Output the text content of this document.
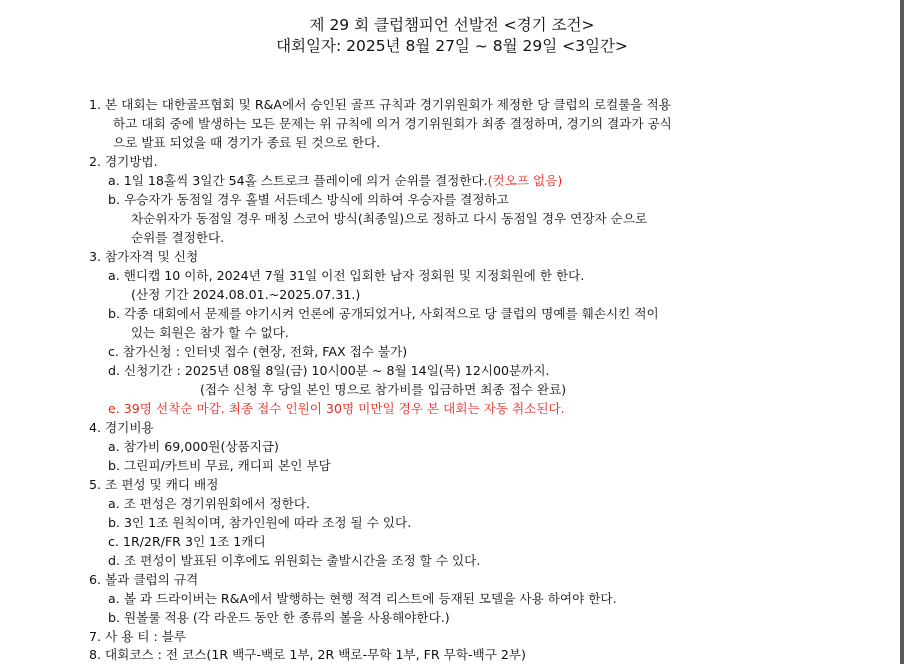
제 29 회 클럽챔피언 선발전 <경기 조건>
대회일자: 2025년 8월 27일 ~ 8월 29일 <3일간>
1. 본 대회는 대한골프협회 및 R&A에서 승인된 골프 규칙과 경기위원회가 제정한 당 클럽의 로컬룰을 적용
하고 대회 중에 발생하는 모든 문제는 위 규칙에 의거 경기위원회가 최종 결정하며, 경기의 결과가 공식
으로 발표 되었을 때 경기가 종료 된 것으로 한다.
2. 경기방법.
a. 1일 18홀씩 3일간 54홀 스트로크 플레이에 의거 순위를 결정한다.(컷오프 없음)
b. 우승자가 동점일 경우 홀별 서든데스 방식에 의하여 우승자를 결정하고
차순위자가 동점일 경우 매칭 스코어 방식(최종일)으로 정하고 다시 동점일 경우 연장자 순으로
순위를 결정한다.
3. 참가자격 및 신청
a. 핸디캡 10 이하, 2024년 7월 31일 이전 입회한 남자 정회원 및 지정회원에 한 한다.
(산정 기간 2024.08.01.~2025.07.31.)
b. 각종 대회에서 문제를 야기시켜 언론에 공개되었거나, 사회적으로 당 클럽의 명예를 훼손시킨 적이
있는 회원은 참가 할 수 없다.
c. 참가신청 : 인터넷 접수 (현장, 전화, FAX 접수 불가)
d. 신청기간 : 2025년 08월 8일(금) 10시00분 ~ 8월 14일(목) 12시00분까지.
(접수 신청 후 당일 본인 명으로 참가비를 입금하면 최종 접수 완료)
e. 39명 선착순 마감. 최종 접수 인원이 30명 미만일 경우 본 대회는 자동 취소된다.
4. 경기비용
a. 참가비 69,000원(상품지급)
b. 그린피/카트비 무료, 캐디피 본인 부담
5. 조 편성 및 캐디 배정
a. 조 편성은 경기위원회에서 정한다.
b. 3인 1조 원칙이며, 참가인원에 따라 조정 될 수 있다.
c. 1R/2R/FR 3인 1조 1캐디
d. 조 편성이 발표된 이후에도 위원회는 출발시간을 조정 할 수 있다.
6. 볼과 클럽의 규격
a. 볼 과 드라이버는 R&A에서 발행하는 현행 적격 리스트에 등재된 모델을 사용 하여야 한다.
b. 원볼룰 적용 (각 라운드 동안 한 종류의 볼을 사용해야한다.)
7. 사 용 티 : 블루
8. 대회코스 : 전 코스(1R 백구-백로 1부, 2R 백로-무학 1부, FR 무학-백구 2부)
